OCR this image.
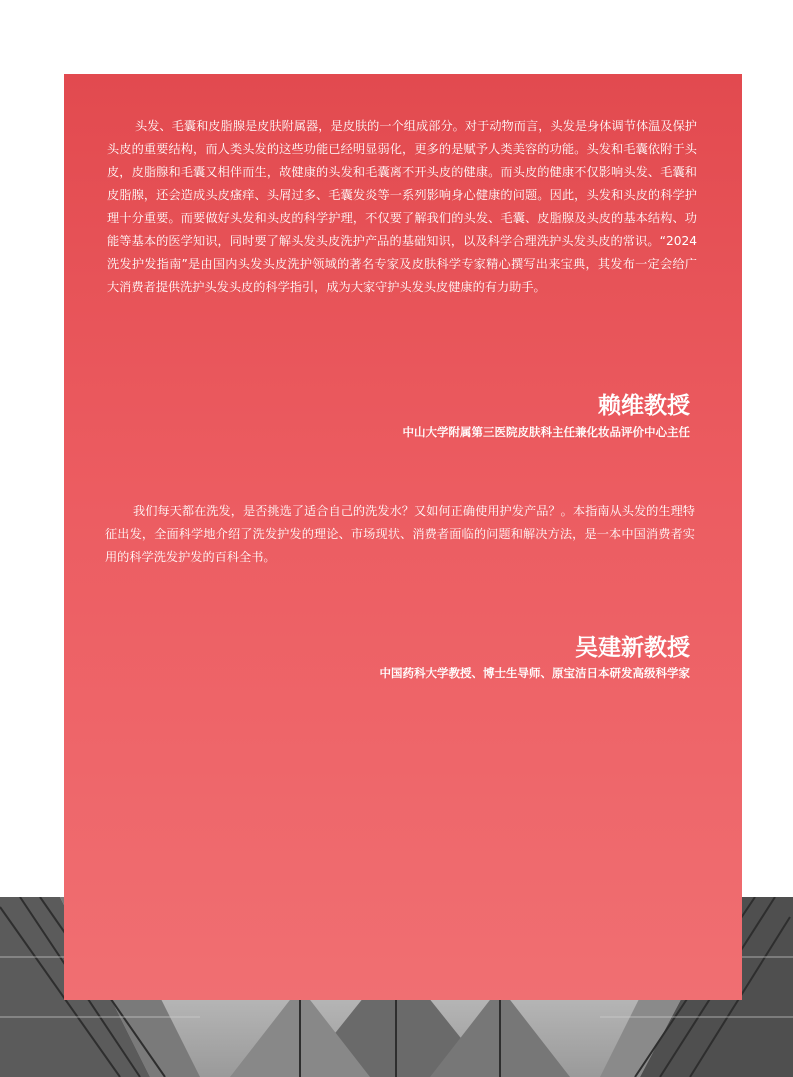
头发、毛囊和皮脂腺是皮肤附属器，是皮肤的一个组成部分。对于动物而言，头发是身体调节体温及保护头皮的重要结构，而人类头发的这些功能已经明显弱化，更多的是赋予人类美容的功能。头发和毛囊依附于头皮，皮脂腺和毛囊又相伴而生，故健康的头发和毛囊离不开头皮的健康。而头皮的健康不仅影响头发、毛囊和皮脂腺，还会造成头皮瘙痒、头屑过多、毛囊发炎等一系列影响身心健康的问题。因此，头发和头皮的科学护理十分重要。而要做好头发和头皮的科学护理，不仅要了解我们的头发、毛囊、皮脂腺及头皮的基本结构、功能等基本的医学知识，同时要了解头发头皮洗护产品的基础知识，以及科学合理洗护头发头皮的常识。“2024洗发护发指南”是由国内头发头皮洗护领域的著名专家及皮肤科学专家精心撰写出来宝典，其发布一定会给广大消费者提供洗护头发头皮的科学指引，成为大家守护头发头皮健康的有力助手。

赖维教授

中山大学附属第三医院皮肤科主任兼化妆品评价中心主任

我们每天都在洗发，是否挑选了适合自己的洗发水？又如何正确使用护发产品？。本指南从头发的生理特征出发，全面科学地介绍了洗发护发的理论、市场现状、消费者面临的问题和解决方法，是一本中国消费者实用的科学洗发护发的百科全书。

吴建新教授

中国药科大学教授、博士生导师、原宝洁日本研发高级科学家
